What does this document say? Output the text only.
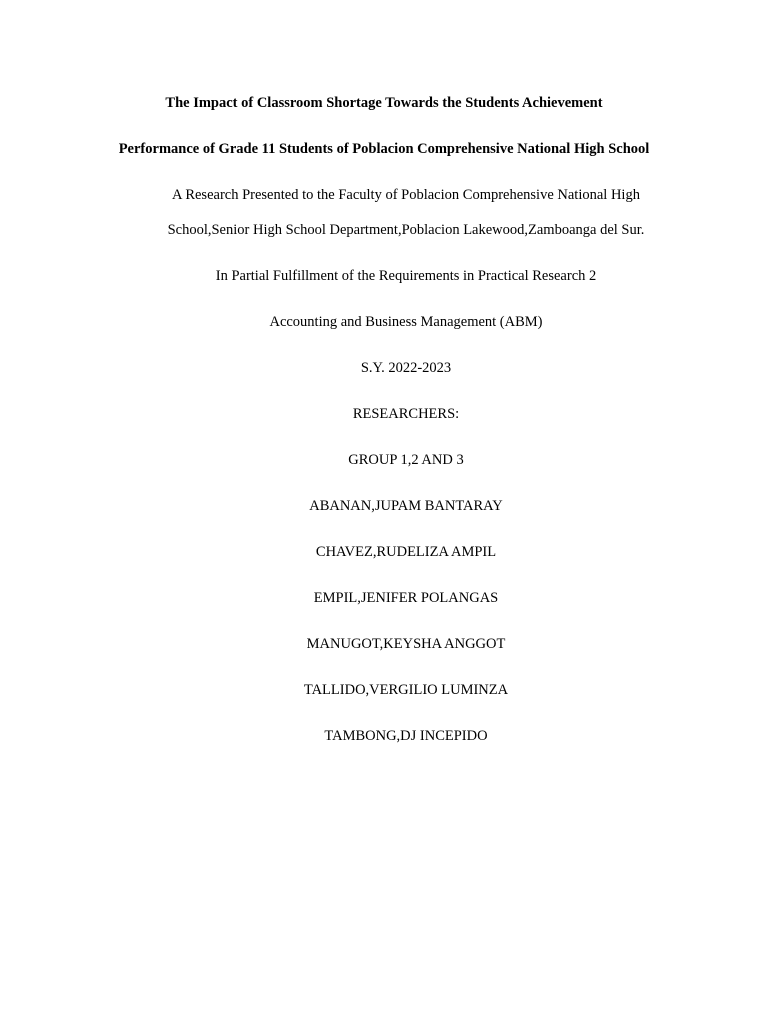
The Impact of Classroom Shortage Towards the Students Achievement
Performance of Grade 11 Students of Poblacion Comprehensive National High School
A Research Presented to the Faculty of Poblacion Comprehensive National High
School,Senior High School Department,Poblacion Lakewood,Zamboanga del Sur.
In Partial Fulfillment of the Requirements in Practical Research 2
Accounting and Business Management (ABM)
S.Y. 2022-2023
RESEARCHERS:
GROUP 1,2 AND 3
ABANAN,JUPAM BANTARAY
CHAVEZ,RUDELIZA AMPIL
EMPIL,JENIFER POLANGAS
MANUGOT,KEYSHA ANGGOT
TALLIDO,VERGILIO LUMINZA
TAMBONG,DJ INCEPIDO
